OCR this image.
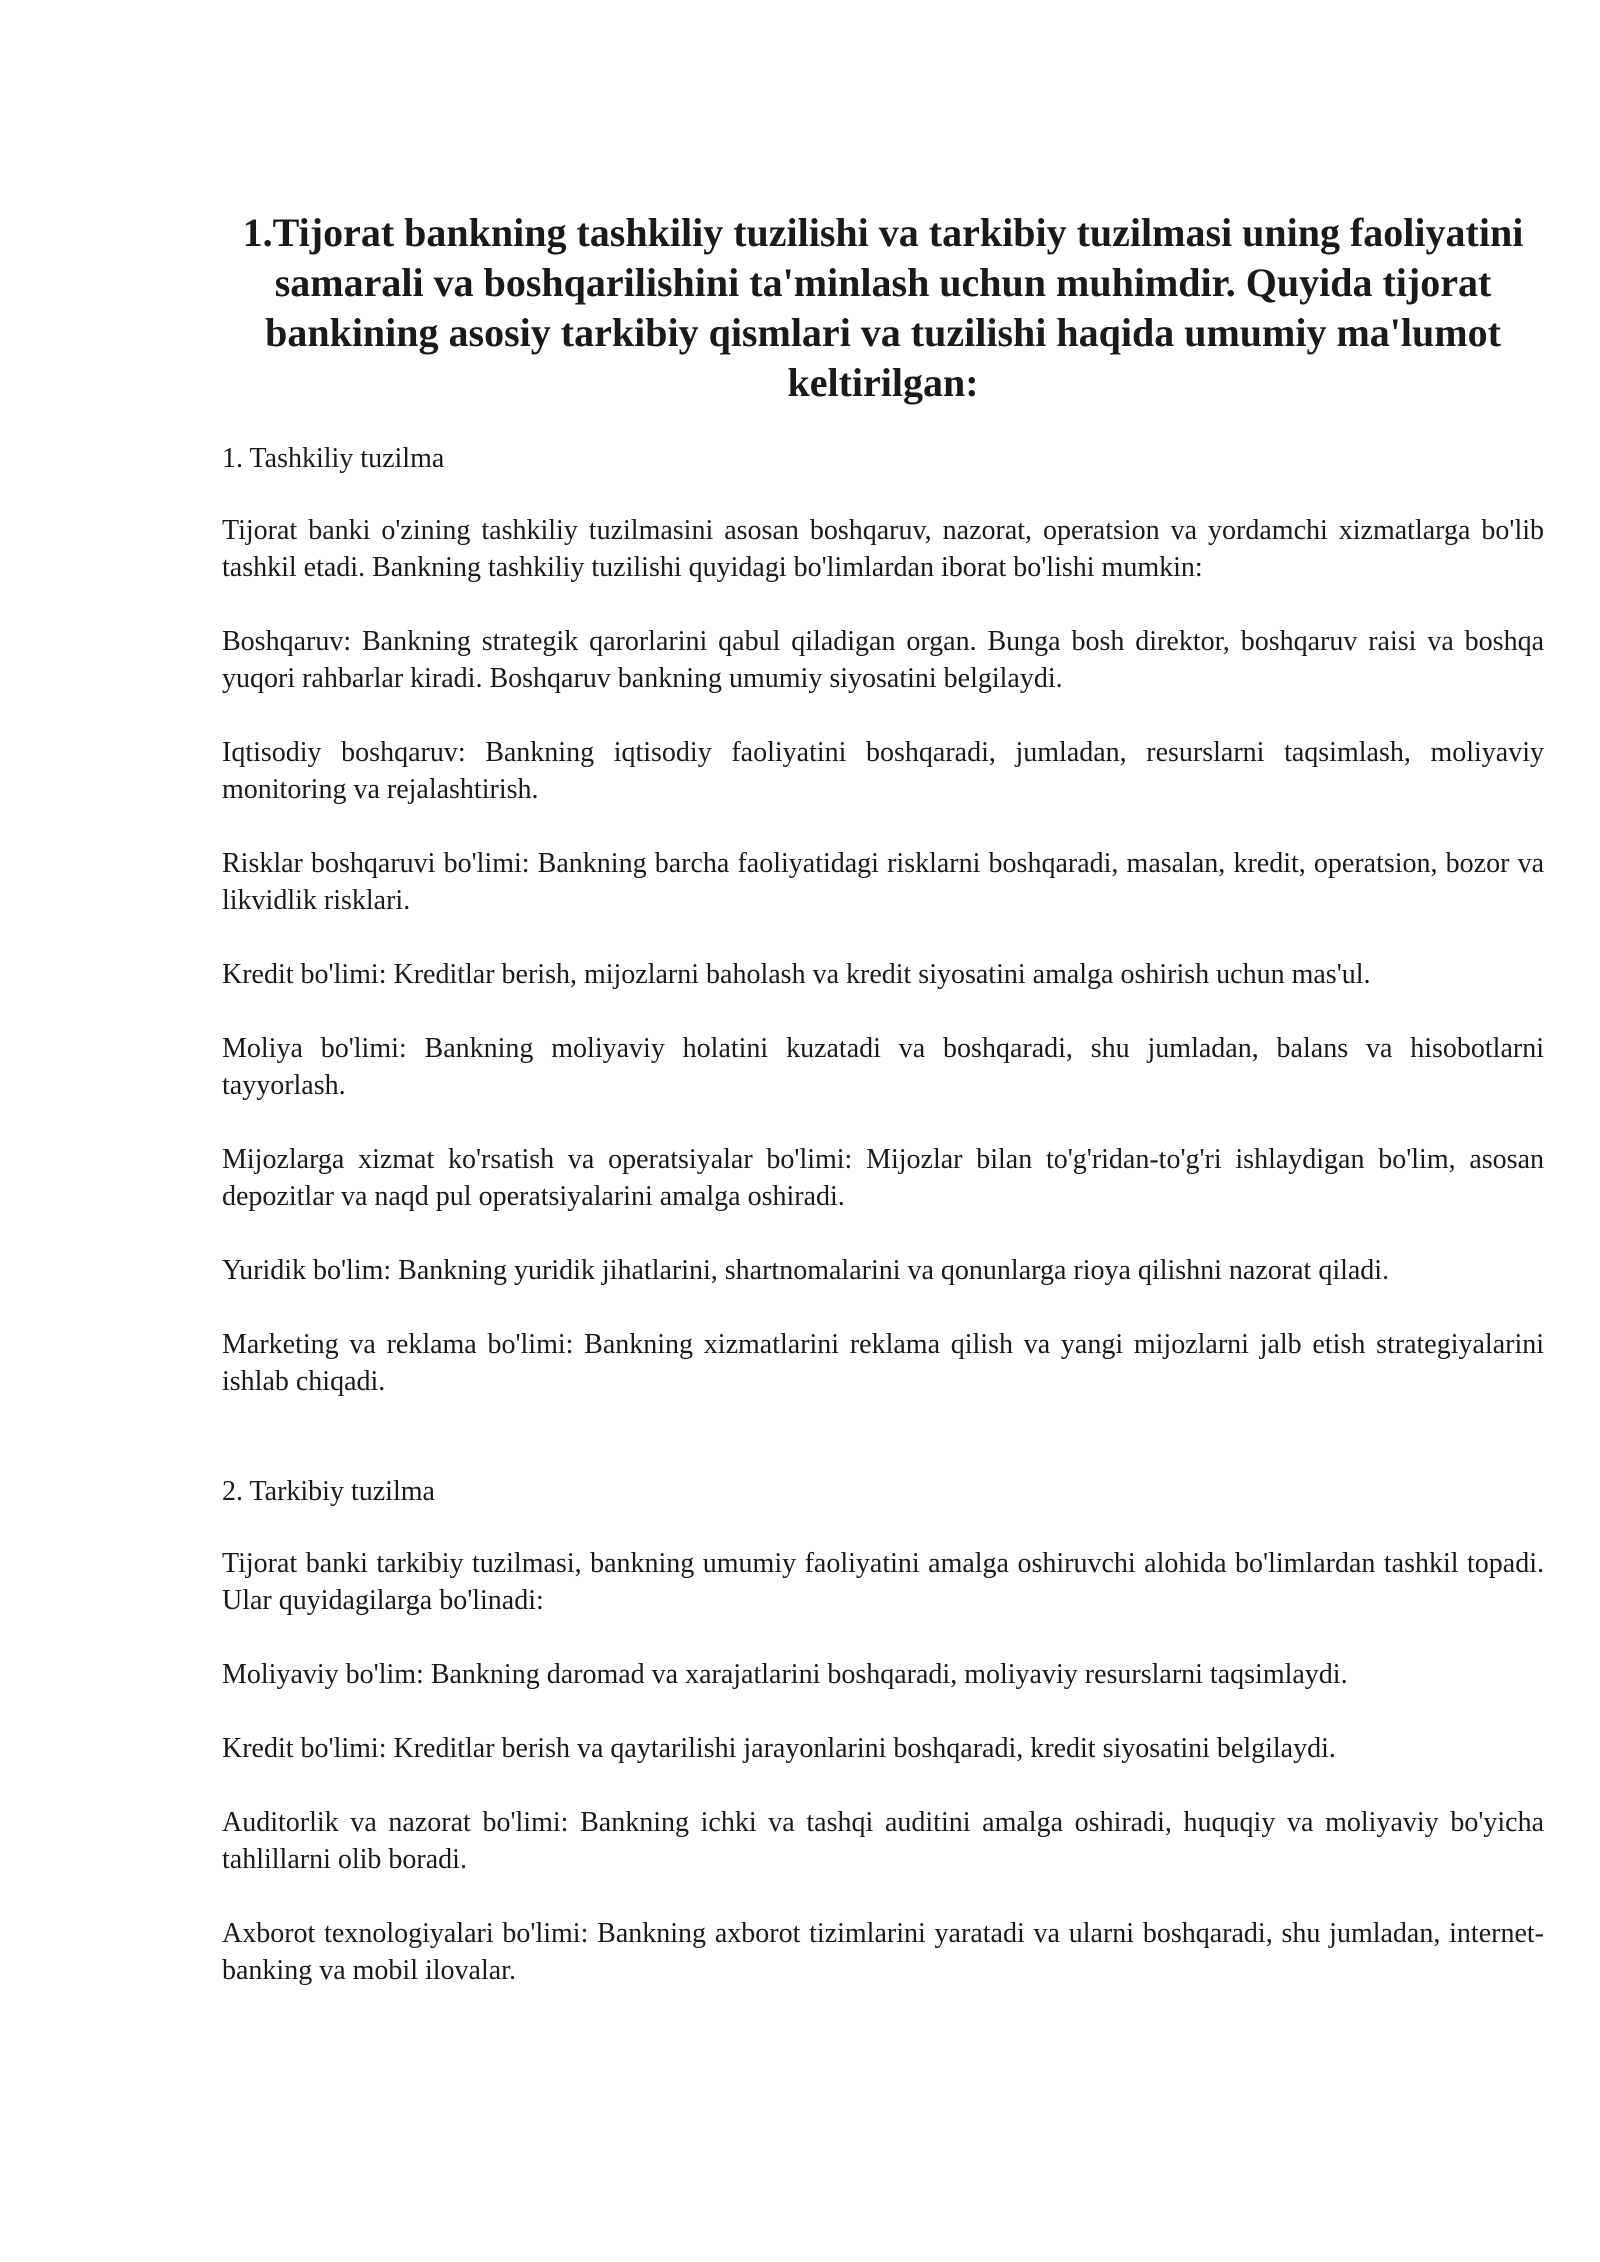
1.Tijorat bankning tashkiliy tuzilishi va tarkibiy tuzilmasi uning faoliyatini samarali va boshqarilishini ta'minlash uchun muhimdir. Quyida tijorat bankining asosiy tarkibiy qismlari va tuzilishi haqida umumiy ma'lumot keltirilgan:

1. Tashkiliy tuzilma

Tijorat banki o'zining tashkiliy tuzilmasini asosan boshqaruv, nazorat, operatsion va yordamchi xizmatlarga bo'lib tashkil etadi. Bankning tashkiliy tuzilishi quyidagi bo'limlardan iborat bo'lishi mumkin:

Boshqaruv: Bankning strategik qarorlarini qabul qiladigan organ. Bunga bosh direktor, boshqaruv raisi va boshqa yuqori rahbarlar kiradi. Boshqaruv bankning umumiy siyosatini belgilaydi.

Iqtisodiy boshqaruv: Bankning iqtisodiy faoliyatini boshqaradi, jumladan, resurslarni taqsimlash, moliyaviy monitoring va rejalashtirish.

Risklar boshqaruvi bo'limi: Bankning barcha faoliyatidagi risklarni boshqaradi, masalan, kredit, operatsion, bozor va likvidlik risklari.

Kredit bo'limi: Kreditlar berish, mijozlarni baholash va kredit siyosatini amalga oshirish uchun mas'ul.

Moliya bo'limi: Bankning moliyaviy holatini kuzatadi va boshqaradi, shu jumladan, balans va hisobotlarni tayyorlash.

Mijozlarga xizmat ko'rsatish va operatsiyalar bo'limi: Mijozlar bilan to'g'ridan-to'g'ri ishlaydigan bo'lim, asosan depozitlar va naqd pul operatsiyalarini amalga oshiradi.

Yuridik bo'lim: Bankning yuridik jihatlarini, shartnomalarini va qonunlarga rioya qilishni nazorat qiladi.

Marketing va reklama bo'limi: Bankning xizmatlarini reklama qilish va yangi mijozlarni jalb etish strategiyalarini ishlab chiqadi.

2. Tarkibiy tuzilma

Tijorat banki tarkibiy tuzilmasi, bankning umumiy faoliyatini amalga oshiruvchi alohida bo'limlardan tashkil topadi. Ular quyidagilarga bo'linadi:

Moliyaviy bo'lim: Bankning daromad va xarajatlarini boshqaradi, moliyaviy resurslarni taqsimlaydi.

Kredit bo'limi: Kreditlar berish va qaytarilishi jarayonlarini boshqaradi, kredit siyosatini belgilaydi.

Auditorlik va nazorat bo'limi: Bankning ichki va tashqi auditini amalga oshiradi, huquqiy va moliyaviy bo'yicha tahlillarni olib boradi.

Axborot texnologiyalari bo'limi: Bankning axborot tizimlarini yaratadi va ularni boshqaradi, shu jumladan, internet-banking va mobil ilovalar.
